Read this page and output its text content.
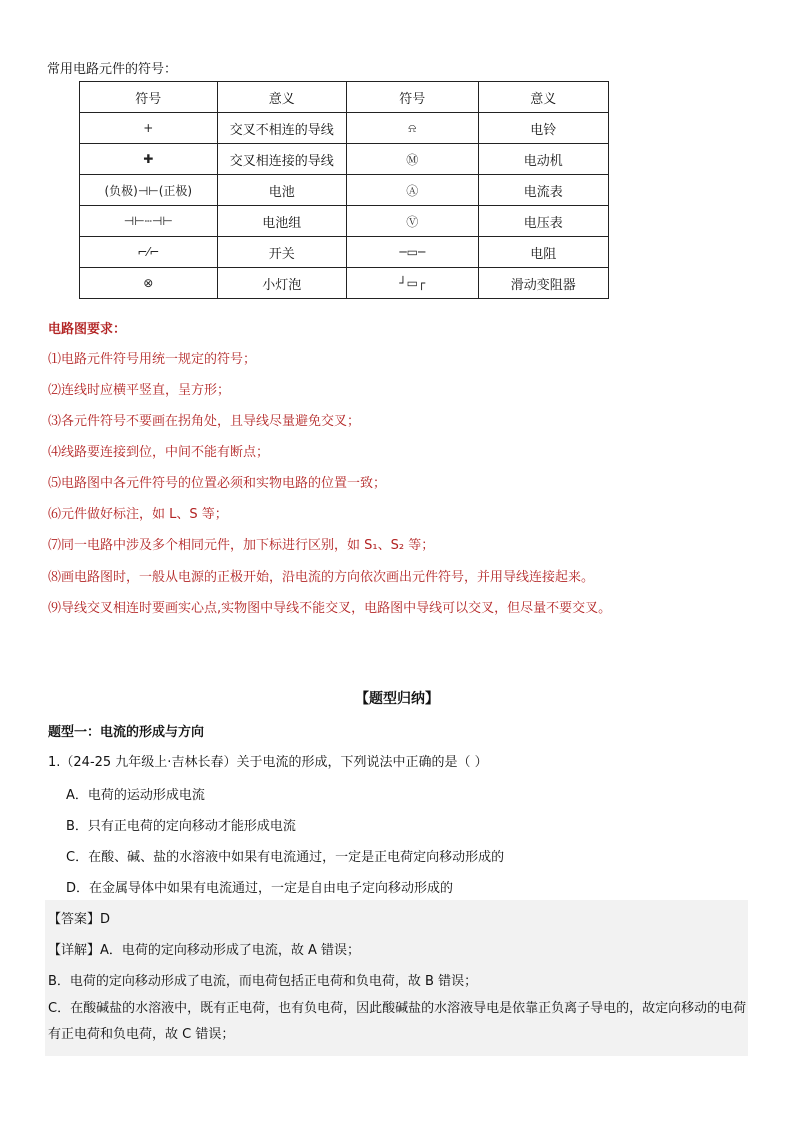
常用电路元件的符号：
符号	意义	符号	意义
+	交叉不相连的导线	⍾	电铃
✚	交叉相连接的导线	Ⓜ	电动机
(负极)⊣⊢(正极)	电池	Ⓐ	电流表
⊣⊢┄⊣⊢	电池组	Ⓥ	电压表
⌐⁄⌐	开关	─▭─	电阻
⊗	小灯泡	┘▭┌	滑动变阻器
电路图要求：
⑴电路元件符号用统一规定的符号；
⑵连线时应横平竖直，呈方形；
⑶各元件符号不要画在拐角处，且导线尽量避免交叉；
⑷线路要连接到位，中间不能有断点；
⑸电路图中各元件符号的位置必须和实物电路的位置一致；
⑹元件做好标注，如 L、S 等；
⑺同一电路中涉及多个相同元件，加下标进行区别，如 S₁、S₂ 等；
⑻画电路图时，一般从电源的正极开始，沿电流的方向依次画出元件符号，并用导线连接起来。
⑼导线交叉相连时要画实心点,实物图中导线不能交叉，电路图中导线可以交叉，但尽量不要交叉。
【题型归纳】
题型一：电流的形成与方向
1.（24-25 九年级上·吉林长春）关于电流的形成，下列说法中正确的是（ ）
A．电荷的运动形成电流
B．只有正电荷的定向移动才能形成电流
C．在酸、碱、盐的水溶液中如果有电流通过，一定是正电荷定向移动形成的
D．在金属导体中如果有电流通过，一定是自由电子定向移动形成的
【答案】D
【详解】A．电荷的定向移动形成了电流，故 A 错误；
B．电荷的定向移动形成了电流，而电荷包括正电荷和负电荷，故 B 错误；
C．在酸碱盐的水溶液中，既有正电荷，也有负电荷，因此酸碱盐的水溶液导电是依靠正负离子导电的，故定向移动的电荷有正电荷和负电荷，故 C 错误；
